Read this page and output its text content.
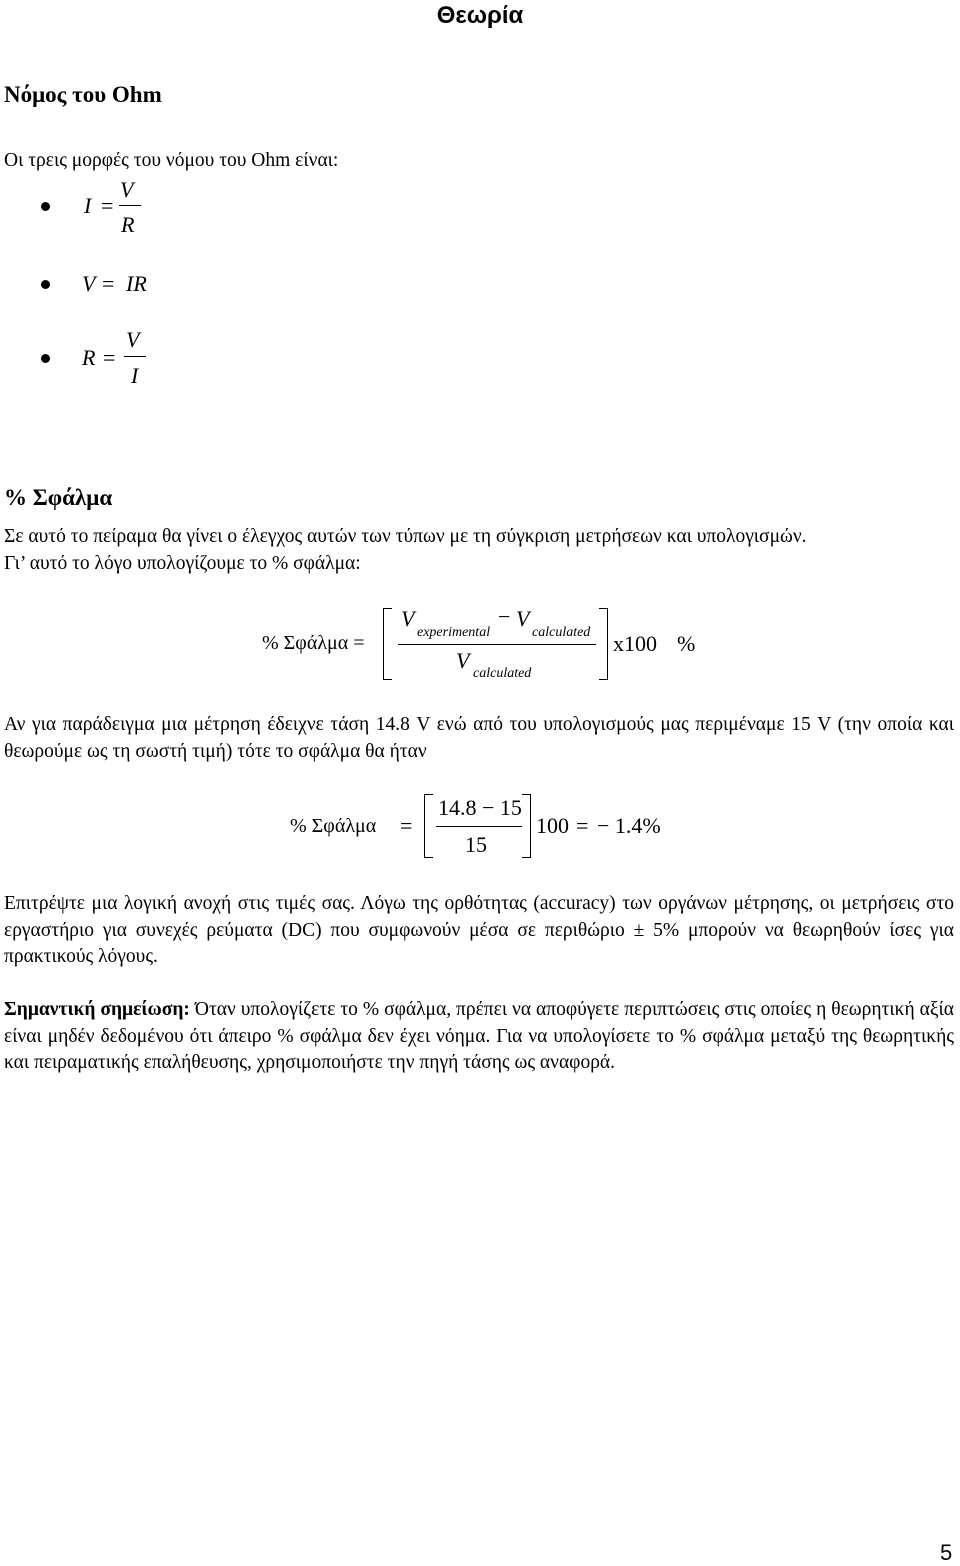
Θεωρία
Νόμος του Ohm
Οι τρεις μορφές του νόμου του Ohm είναι:
I =
V
R
V = IR
R =
V
I
% Σφάλμα
Σε αυτό το πείραμα θα γίνει ο έλεγχος αυτών των τύπων με τη σύγκριση μετρήσεων και υπολογισμών.
Γι’ αυτό το λόγο υπολογίζουμε το % σφάλμα:
% Σφάλμα =
V
experimental
− V
calculated
V
calculated
x100 %
Αν για παράδειγμα μια μέτρηση έδειχνε τάση 14.8 V ενώ από του υπολογισμούς μας περιμέναμε 15 V (την οποία και θεωρούμε ως τη σωστή τιμή) τότε το σφάλμα θα ήταν
% Σφάλμα =
14.8 − 15
15
100 = − 1.4%
Επιτρέψτε μια λογική ανοχή στις τιμές σας. Λόγω της ορθότητας (accuracy) των οργάνων μέτρησης, οι μετρήσεις στο εργαστήριο για συνεχές ρεύματα (DC) που συμφωνούν μέσα σε περιθώριο ± 5% μπορούν να θεωρηθούν ίσες για πρακτικούς λόγους.
Σημαντική σημείωση: Όταν υπολογίζετε το % σφάλμα, πρέπει να αποφύγετε περιπτώσεις στις οποίες η θεωρητική αξία είναι μηδέν δεδομένου ότι άπειρο % σφάλμα δεν έχει νόημα. Για να υπολογίσετε το % σφάλμα μεταξύ της θεωρητικής και πειραματικής επαλήθευσης, χρησιμοποιήστε την πηγή τάσης ως αναφορά.
5
